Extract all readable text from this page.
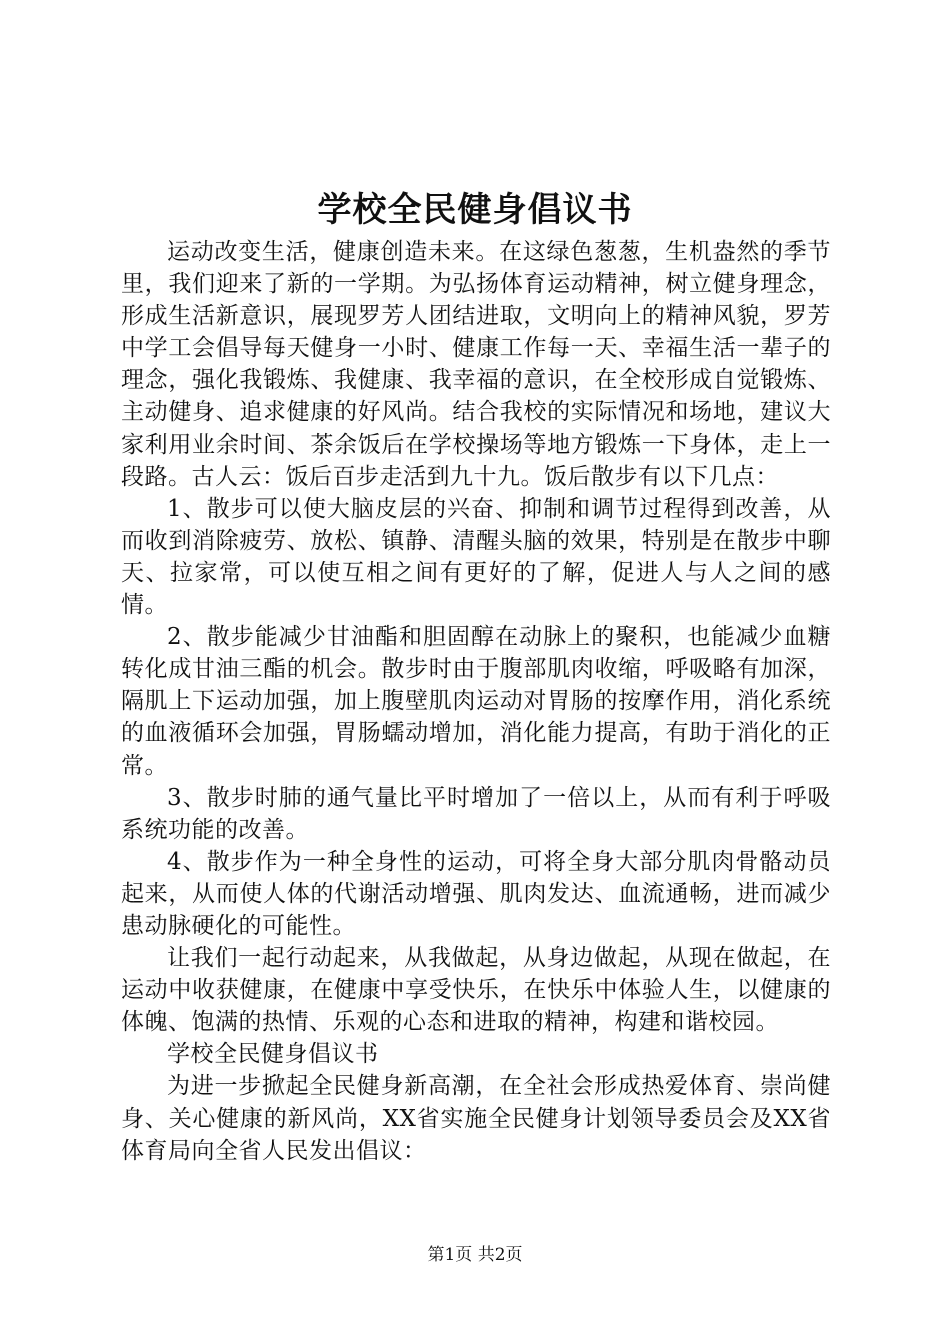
学校全民健身倡议书

运动改变生活，健康创造未来。在这绿色葱葱，生机盎然的季节里，我们迎来了新的一学期。为弘扬体育运动精神，树立健身理念，形成生活新意识，展现罗芳人团结进取，文明向上的精神风貌，罗芳中学工会倡导每天健身一小时、健康工作每一天、幸福生活一辈子的理念，强化我锻炼、我健康、我幸福的意识，在全校形成自觉锻炼、主动健身、追求健康的好风尚。结合我校的实际情况和场地，建议大家利用业余时间、茶余饭后在学校操场等地方锻炼一下身体，走上一段路。古人云：饭后百步走活到九十九。饭后散步有以下几点：

1、散步可以使大脑皮层的兴奋、抑制和调节过程得到改善，从而收到消除疲劳、放松、镇静、清醒头脑的效果，特别是在散步中聊天、拉家常，可以使互相之间有更好的了解，促进人与人之间的感情。

2、散步能减少甘油酯和胆固醇在动脉上的聚积，也能减少血糖转化成甘油三酯的机会。散步时由于腹部肌肉收缩，呼吸略有加深，隔肌上下运动加强，加上腹壁肌肉运动对胃肠的按摩作用，消化系统的血液循环会加强，胃肠蠕动增加，消化能力提高，有助于消化的正常。

3、散步时肺的通气量比平时增加了一倍以上，从而有利于呼吸系统功能的改善。

4、散步作为一种全身性的运动，可将全身大部分肌肉骨骼动员起来，从而使人体的代谢活动增强、肌肉发达、血流通畅，进而减少患动脉硬化的可能性。

让我们一起行动起来，从我做起，从身边做起，从现在做起，在运动中收获健康，在健康中享受快乐，在快乐中体验人生，以健康的体魄、饱满的热情、乐观的心态和进取的精神，构建和谐校园。

学校全民健身倡议书

为进一步掀起全民健身新高潮，在全社会形成热爱体育、崇尚健身、关心健康的新风尚，XX省实施全民健身计划领导委员会及XX省体育局向全省人民发出倡议：

第1页 共2页
